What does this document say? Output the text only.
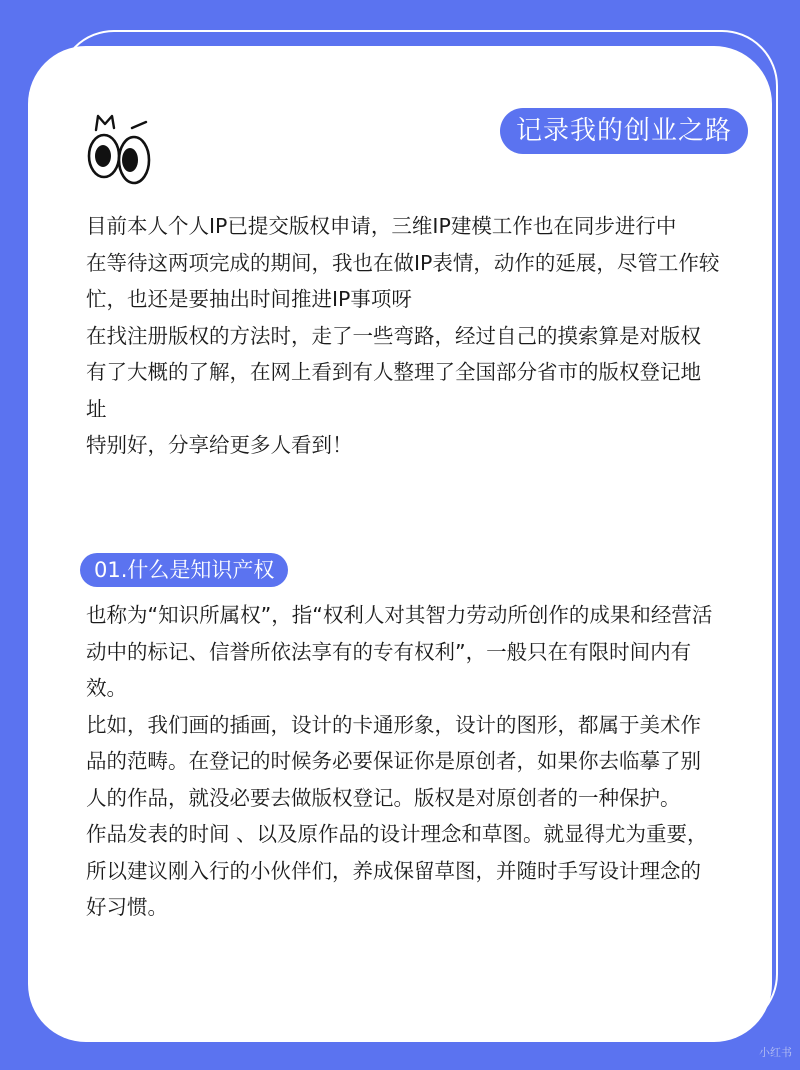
记录我的创业之路
目前本人个人IP已提交版权申请，三维IP建模工作也在同步进行中
在等待这两项完成的期间，我也在做IP表情，动作的延展，尽管工作较忙，也还是要抽出时间推进IP事项呀
在找注册版权的方法时，走了一些弯路，经过自己的摸索算是对版权有了大概的了解，在网上看到有人整理了全国部分省市的版权登记地址
特别好，分享给更多人看到！
01.什么是知识产权
也称为“知识所属权”，指“权利人对其智力劳动所创作的成果和经营活动中的标记、信誉所依法享有的专有权利”，一般只在有限时间内有效。
比如，我们画的插画，设计的卡通形象，设计的图形，都属于美术作品的范畴。在登记的时候务必要保证你是原创者，如果你去临摹了别人的作品，就没必要去做版权登记。版权是对原创者的一种保护。
作品发表的时间 、以及原作品的设计理念和草图。就显得尤为重要，所以建议刚入行的小伙伴们，养成保留草图，并随时手写设计理念的好习惯。
小红书
